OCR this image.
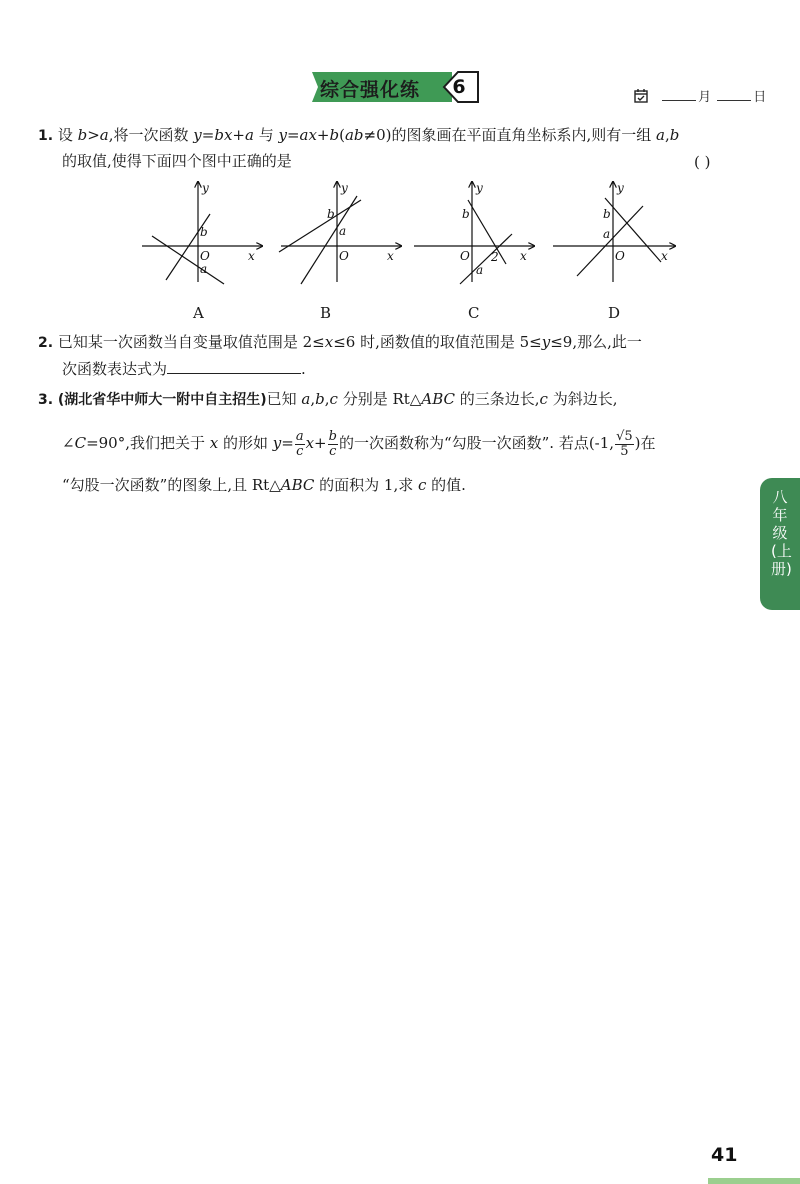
综合强化练	6	月	日
1. 设 b>a,将一次函数 y=bx+a 与 y=ax+b(ab≠0)的图象画在平面直角坐标系内,则有一组 a,b
的取值,使得下面四个图中正确的是	( )
y
x
O
b
a
y
x
O
b
a
y
x
O
b
a
2
y
x
O
b
a
A	B	C	D
2. 已知某一次函数当自变量取值范围是 2≤x≤6 时,函数值的取值范围是 5≤y≤9,那么,此一
次函数表达式为	.
3. (湖北省华中师大一附中自主招生)已知 a,b,c 分别是 Rt△ABC 的三条边长,c 为斜边长,
∠C=90°,我们把关于 x 的形如 $y= \frac{a}{c} x+ \frac{b}{c}$ 的一次函数称为“勾股一次函数”. 若点(-1, $\frac{√5}{5}$ )在
“勾股一次函数”的图象上,且 Rt△ABC 的面积为 1,求 c 的值.
八年级(上册)
41
